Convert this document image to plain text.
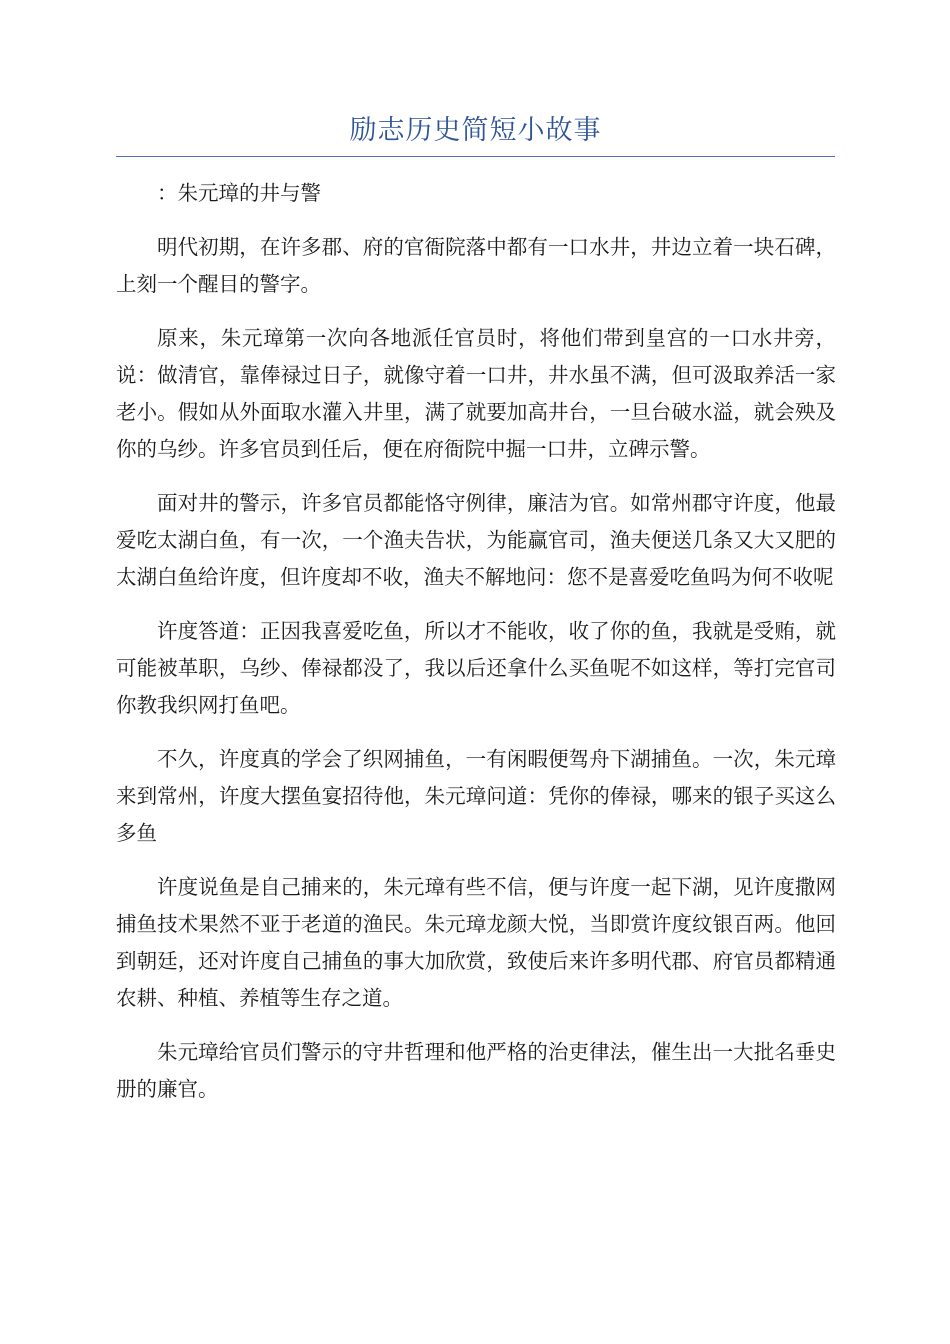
励志历史简短小故事

：朱元璋的井与警

明代初期，在许多郡、府的官衙院落中都有一口水井，井边立着一块石碑，上刻一个醒目的警字。

原来，朱元璋第一次向各地派任官员时，将他们带到皇宫的一口水井旁，说：做清官，靠俸禄过日子，就像守着一口井，井水虽不满，但可汲取养活一家老小。假如从外面取水灌入井里，满了就要加高井台，一旦台破水溢，就会殃及你的乌纱。许多官员到任后，便在府衙院中掘一口井，立碑示警。

面对井的警示，许多官员都能恪守例律，廉洁为官。如常州郡守许度，他最爱吃太湖白鱼，有一次，一个渔夫告状，为能赢官司，渔夫便送几条又大又肥的太湖白鱼给许度，但许度却不收，渔夫不解地问：您不是喜爱吃鱼吗为何不收呢

许度答道：正因我喜爱吃鱼，所以才不能收，收了你的鱼，我就是受贿，就可能被革职，乌纱、俸禄都没了，我以后还拿什么买鱼呢不如这样，等打完官司你教我织网打鱼吧。

不久，许度真的学会了织网捕鱼，一有闲暇便驾舟下湖捕鱼。一次，朱元璋来到常州，许度大摆鱼宴招待他，朱元璋问道：凭你的俸禄，哪来的银子买这么多鱼

许度说鱼是自己捕来的，朱元璋有些不信，便与许度一起下湖，见许度撒网捕鱼技术果然不亚于老道的渔民。朱元璋龙颜大悦，当即赏许度纹银百两。他回到朝廷，还对许度自己捕鱼的事大加欣赏，致使后来许多明代郡、府官员都精通农耕、种植、养植等生存之道。

朱元璋给官员们警示的守井哲理和他严格的治吏律法，催生出一大批名垂史册的廉官。
